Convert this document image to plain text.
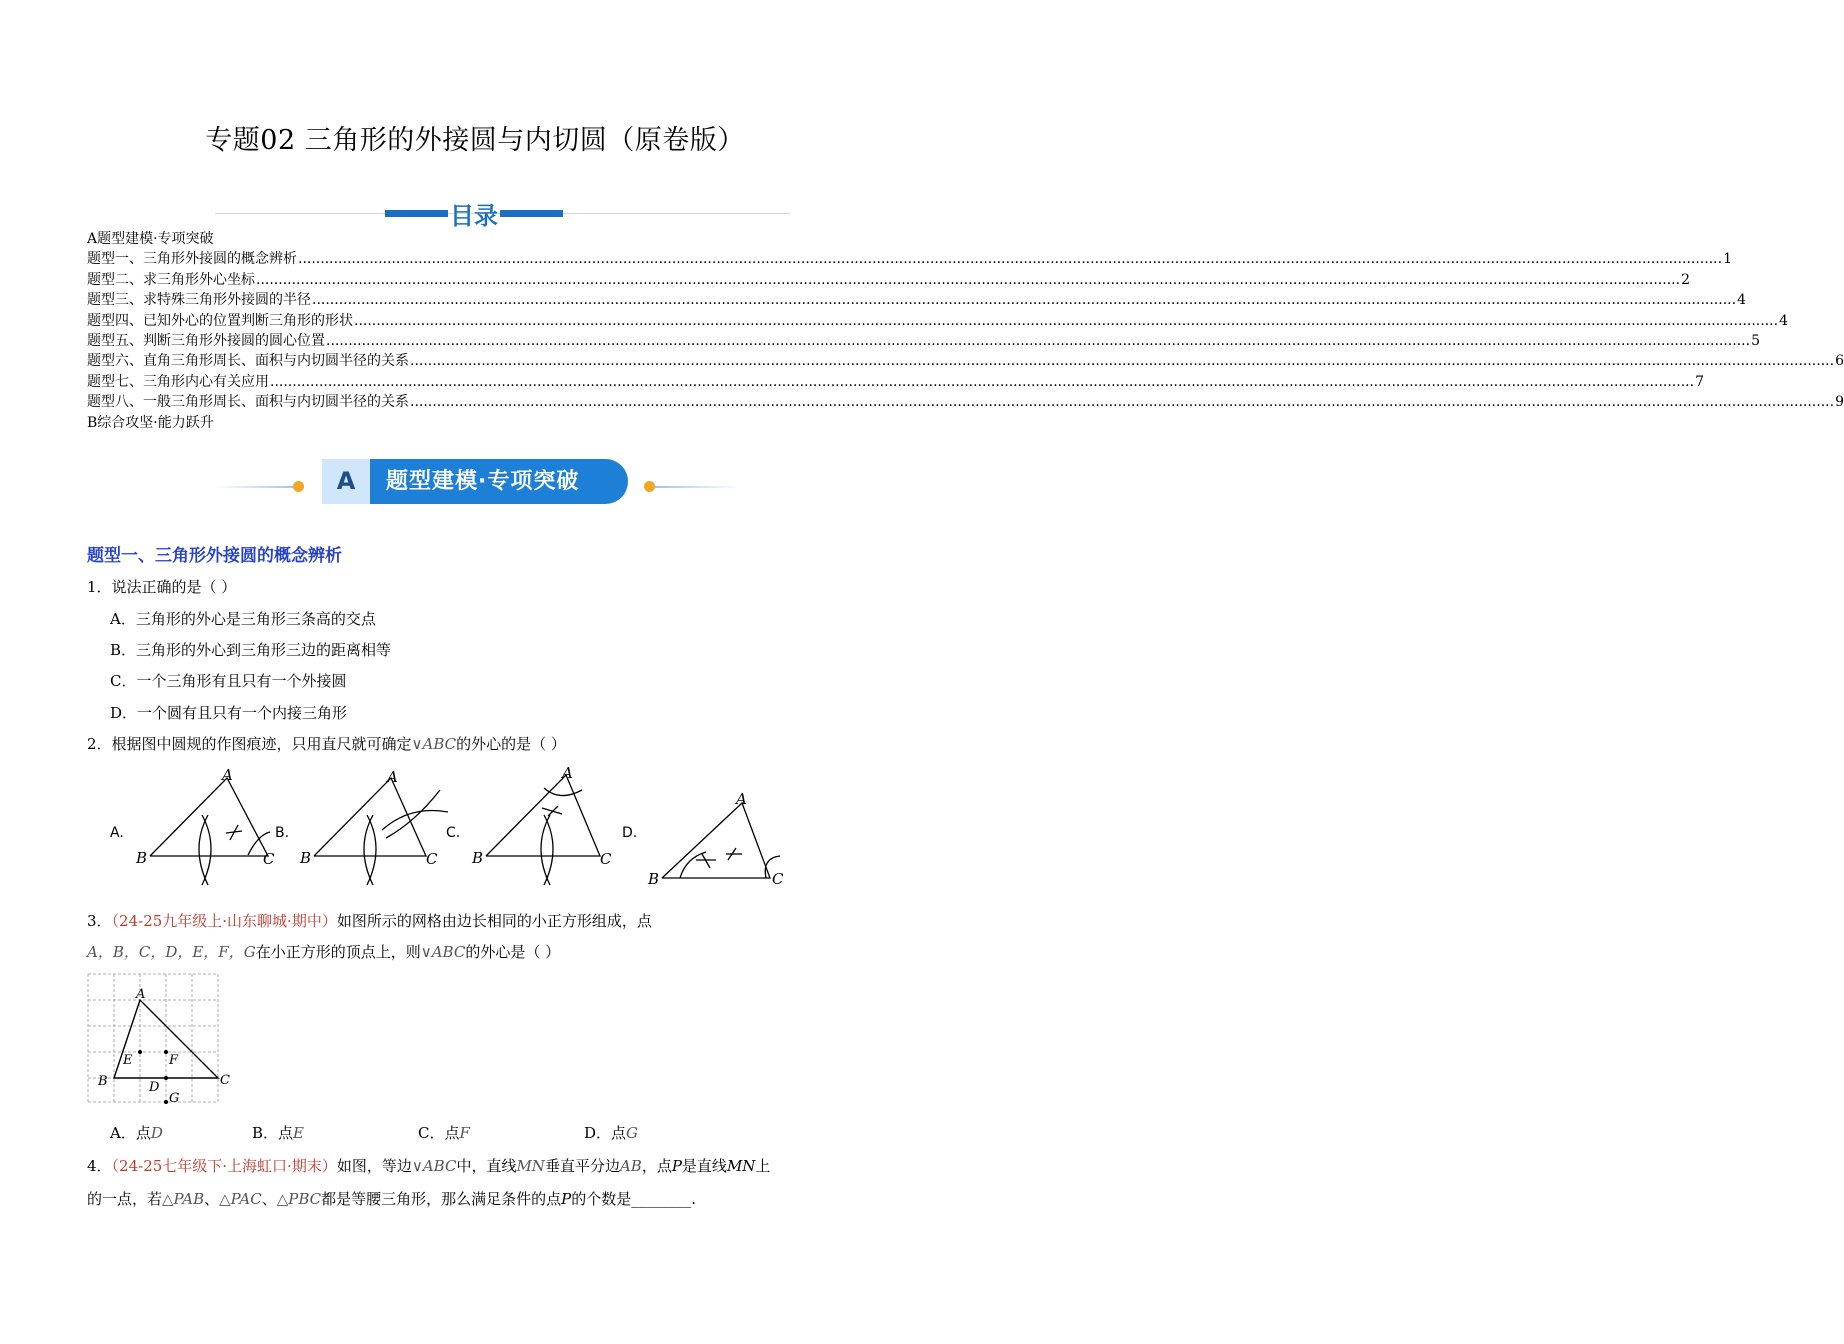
专题02 三角形的外接圆与内切圆（原卷版）
目录
A题型建模·专项突破
题型一、三角形外接圆的概念辨析 .....	1
题型二、求三角形外心坐标 .....	2
题型三、求特殊三角形外接圆的半径 .....	4
题型四、已知外心的位置判断三角形的形状 .....	4
题型五、判断三角形外接圆的圆心位置 .....	5
题型六、直角三角形周长、面积与内切圆半径的关系 .....	6
题型七、三角形内心有关应用 .....	7
题型八、一般三角形周长、面积与内切圆半径的关系 .....	9
B综合攻坚·能力跃升
A	题型建模·专项突破
题型一、三角形外接圆的概念辨析
1．说法正确的是（ ）
A．三角形的外心是三角形三条高的交点
B．三角形的外心到三角形三边的距离相等
C．一个三角形有且只有一个外接圆
D．一个圆有且只有一个内接三角形
2．根据图中圆规的作图痕迹，只用直尺就可确定∨ABC的外心的是（ ）
A.	B.	C.	D.
A
B	C
A
B	C
A
B	C
A
B	C
3．（24-25九年级上·山东聊城·期中）如图所示的网格由边长相同的小正方形组成，点
A，B，C，D，E，F，G在小正方形的顶点上，则∨ABC的外心是（ ）
A
B	C
D
E	F
G
A．点D	B．点E	C．点F	D．点G
4．（24-25七年级下·上海虹口·期末）如图，等边∨ABC中，直线MN垂直平分边AB，点P是直线MN上
的一点，若△PAB、△PAC、△PBC都是等腰三角形，那么满足条件的点P的个数是________.
